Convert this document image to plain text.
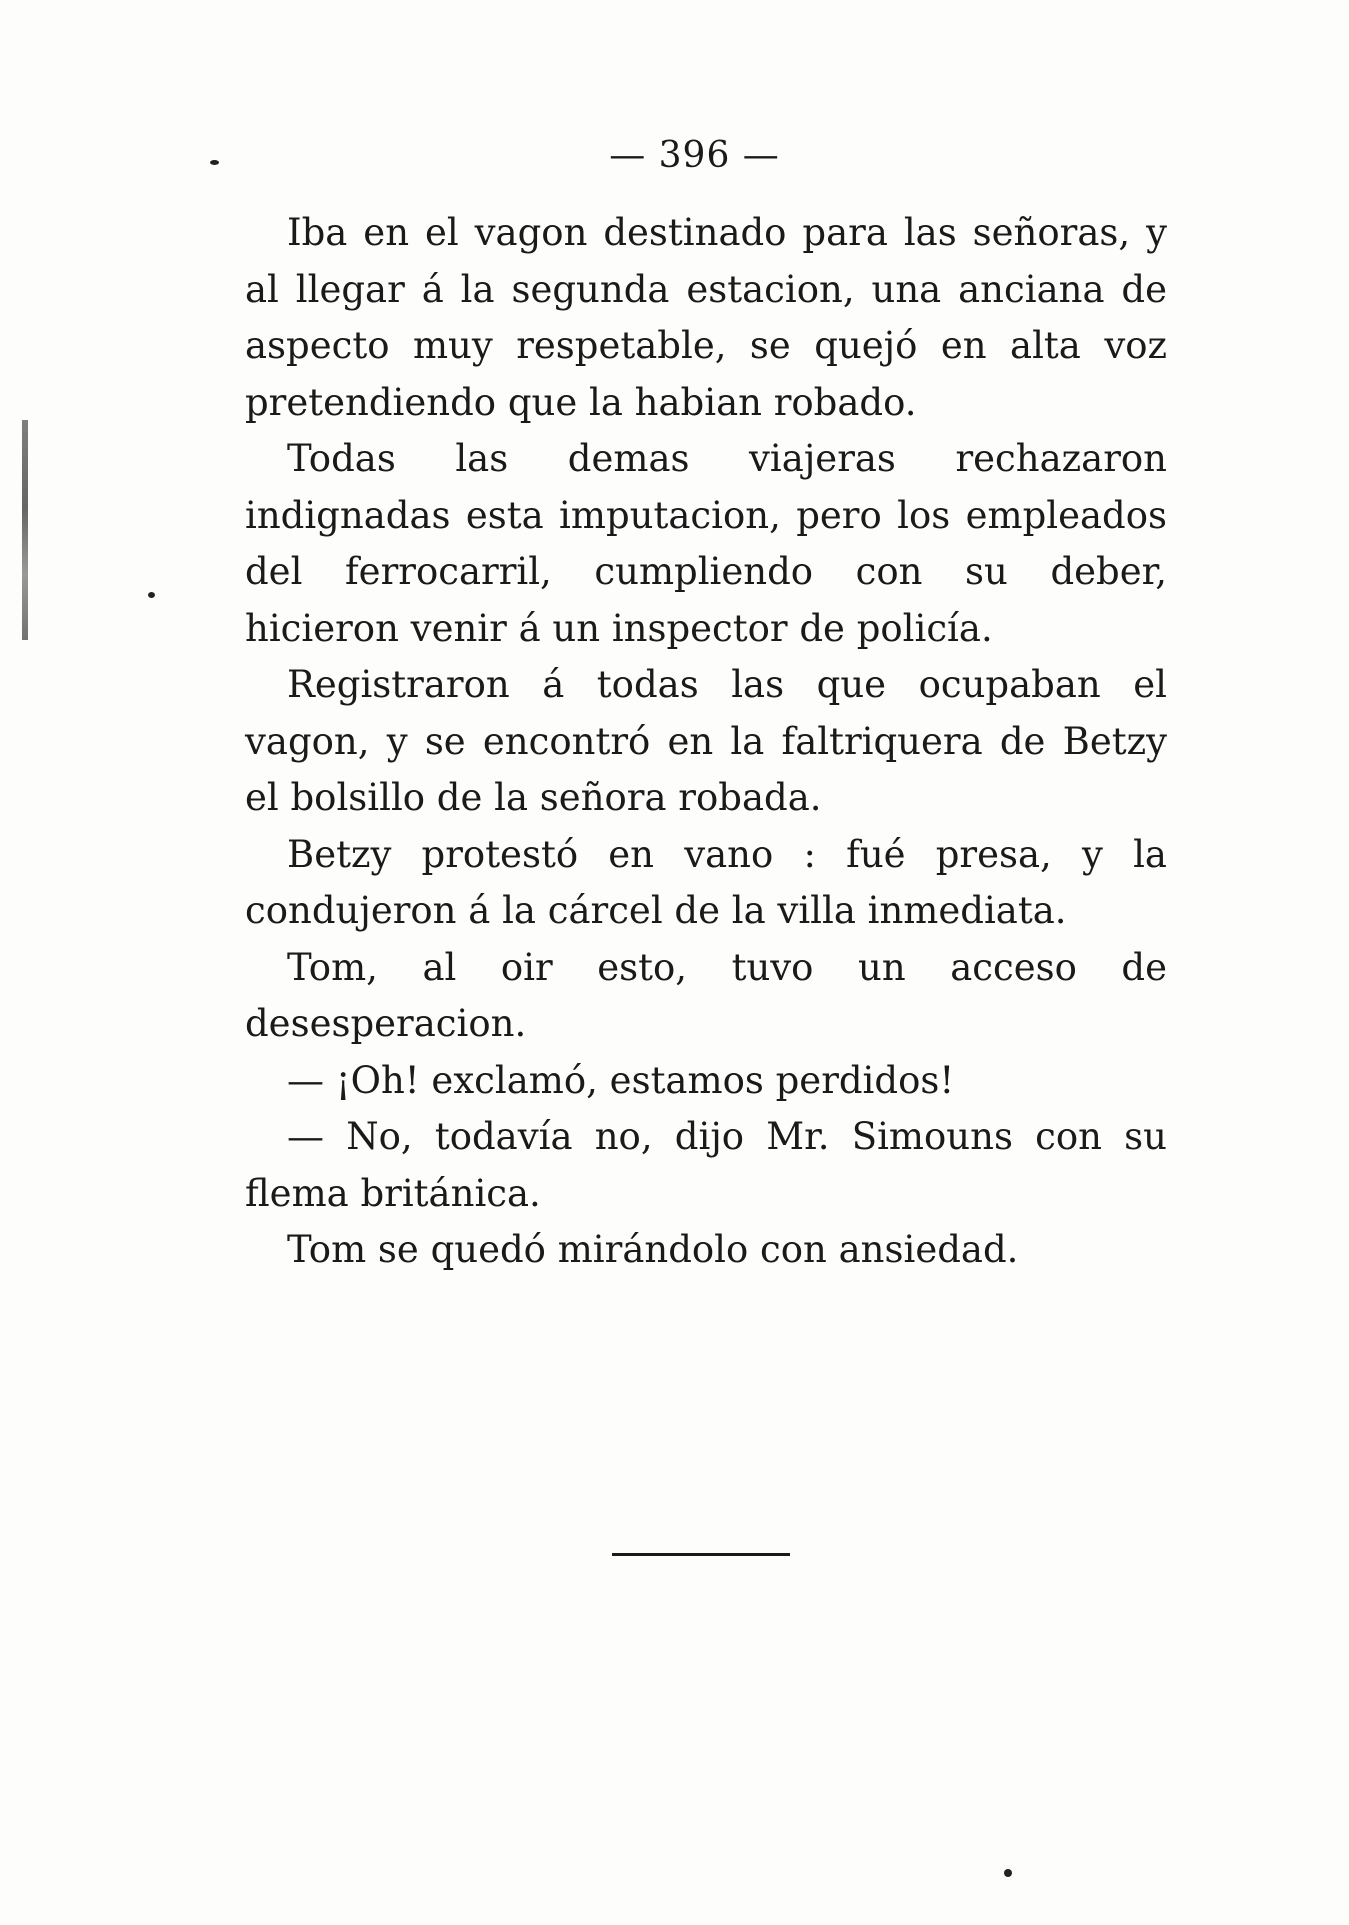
— 396 —

Iba en el vagon destinado para las señoras, y al llegar á la segunda estacion, una anciana de aspecto muy respetable, se quejó en alta voz pretendiendo que la habian robado.

Todas las demas viajeras rechazaron indignadas esta imputacion, pero los empleados del ferrocarril, cumpliendo con su deber, hicieron venir á un inspector de policía.

Registraron á todas las que ocupaban el vagon, y se encontró en la faltriquera de Betzy el bolsillo de la señora robada.

Betzy protestó en vano : fué presa, y la condujeron á la cárcel de la villa inmediata.

Tom, al oir esto, tuvo un acceso de desesperacion.

— ¡Oh! exclamó, estamos perdidos!

— No, todavía no, dijo Mr. Simouns con su flema británica.

Tom se quedó mirándolo con ansiedad.
